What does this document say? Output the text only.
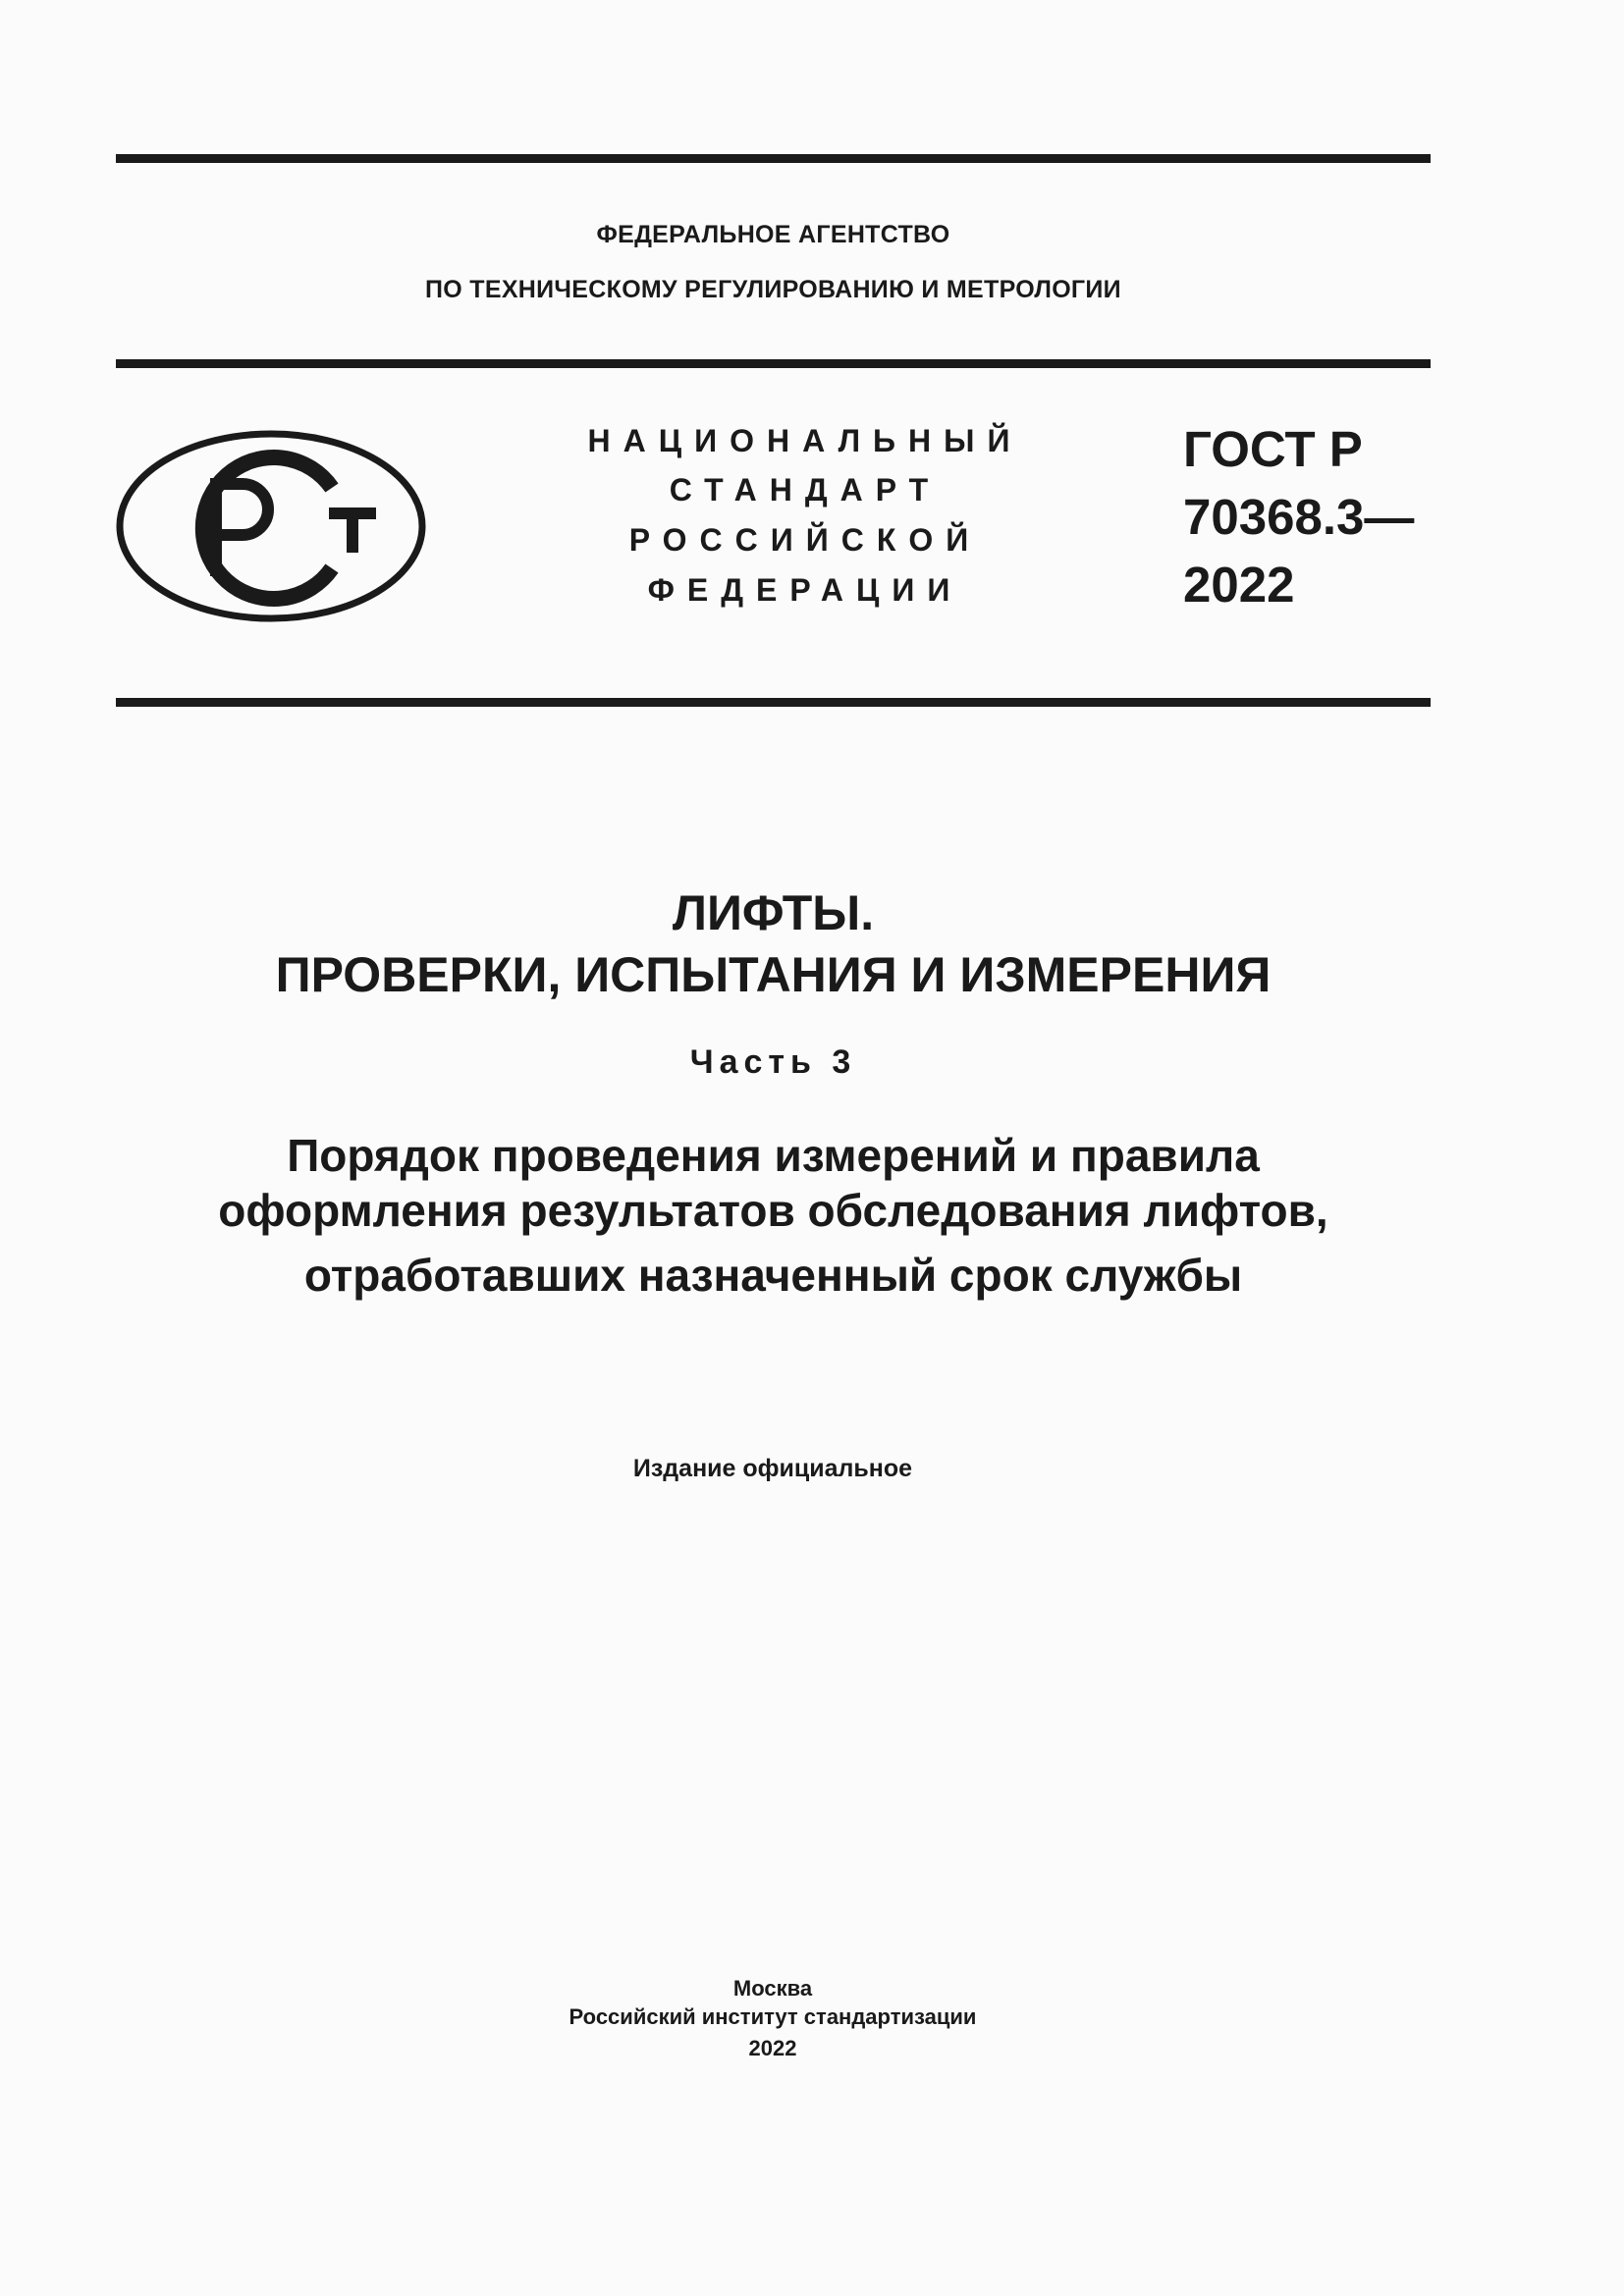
ФЕДЕРАЛЬНОЕ АГЕНТСТВО
ПО ТЕХНИЧЕСКОМУ РЕГУЛИРОВАНИЮ И МЕТРОЛОГИИ
НАЦИОНАЛЬНЫЙ
СТАНДАРТ
РОССИЙСКОЙ
ФЕДЕРАЦИИ
ГОСТ Р
70368.3—
2022
ЛИФТЫ.
ПРОВЕРКИ, ИСПЫТАНИЯ И ИЗМЕРЕНИЯ
Часть 3
Порядок проведения измерений и правила
оформления результатов обследования лифтов,
отработавших назначенный срок службы
Издание официальное
Москва
Российский институт стандартизации
2022
